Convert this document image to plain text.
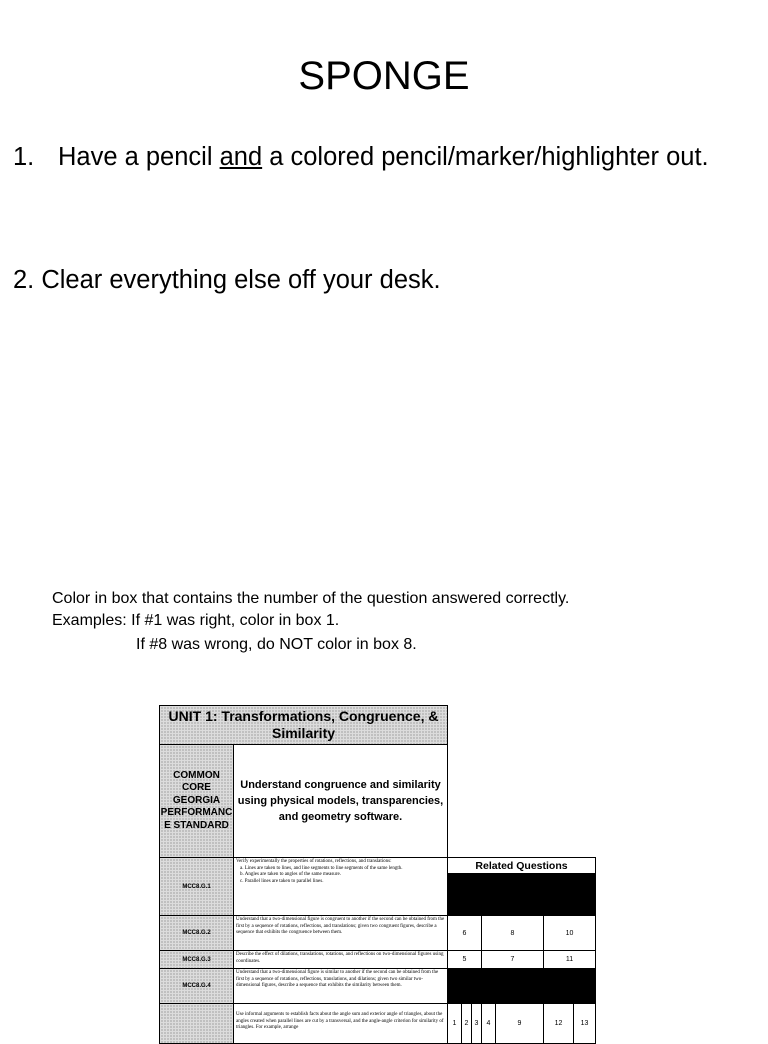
SPONGE
1. Have a pencil and a colored pencil/marker/highlighter out.
2. Clear everything else off your desk.
Color in box that contains the number of the question answered correctly.
Examples: If #1 was right, color in box 1.
If #8 was wrong, do NOT color in box 8.
UNIT 1: Transformations, Congruence, & Similarity								
COMMON CORE GEORGIA PERFORMANC E STANDARD	Understand congruence and similarity using physical models, transparencies, and geometry software.							
MCC8.G.1	Verify experimentally the properties of rotations, reflections, and translations:
a. Lines are taken to lines, and line segments to line segments of the same length.
b. Angles are taken to angles of the same measure.
c. Parallel lines are taken to parallel lines.	Related Questions						

MCC8.G.2	Understand that a two-dimensional figure is congruent to another if the second can be obtained from the first by a sequence of rotations, reflections, and translations; given two congruent figures, describe a sequence that exhibits the congruence between them.	6			8		10	
MCC8.G.3	Describe the effect of dilations, translations, rotations, and reflections on two-dimensional figures using coordinates.	5			7		11	
MCC8.G.4	Understand that a two-dimensional figure is similar to another if the second can be obtained from the first by a sequence of rotations, reflections, translations, and dilations; given two similar two-dimensional figures, describe a sequence that exhibits the similarity between them.							
	Use informal arguments to establish facts about the angle sum and exterior angle of triangles, about the angles created when parallel lines are cut by a transversal, and the angle-angle criterion for similarity of triangles. For example, arrange	1	2	3	4	9	12	13
